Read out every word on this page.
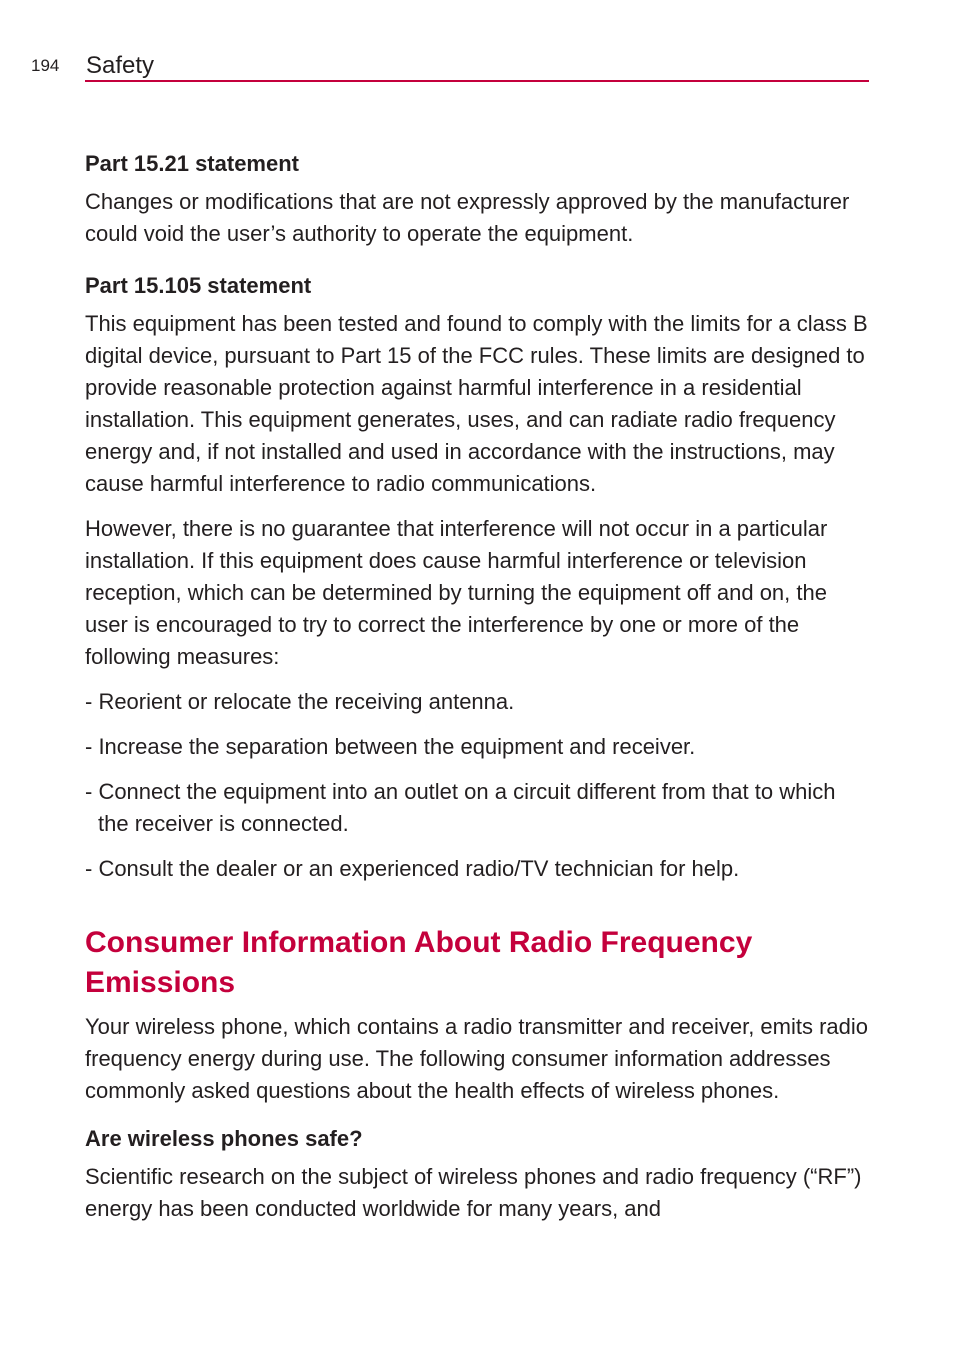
194 Safety
Part 15.21 statement

Changes or modifications that are not expressly approved by the manufacturer could void the user’s authority to operate the equipment.

Part 15.105 statement

This equipment has been tested and found to comply with the limits for a class B digital device, pursuant to Part 15 of the FCC rules. These limits are designed to provide reasonable protection against harmful interference in a residential installation. This equipment generates, uses, and can radiate radio frequency energy and, if not installed and used in accordance with the instructions, may cause harmful interference to radio communications.

However, there is no guarantee that interference will not occur in a particular installation. If this equipment does cause harmful interference or television reception, which can be determined by turning the equipment off and on, the user is encouraged to try to correct the interference by one or more of the following measures:

- Reorient or relocate the receiving antenna.
- Increase the separation between the equipment and receiver.
- Connect the equipment into an outlet on a circuit different from that to which the receiver is connected.
- Consult the dealer or an experienced radio/TV technician for help.
Consumer Information About Radio Frequency Emissions

Your wireless phone, which contains a radio transmitter and receiver, emits radio frequency energy during use. The following consumer information addresses commonly asked questions about the health effects of wireless phones.

Are wireless phones safe?

Scientific research on the subject of wireless phones and radio frequency (“RF”) energy has been conducted worldwide for many years, and
